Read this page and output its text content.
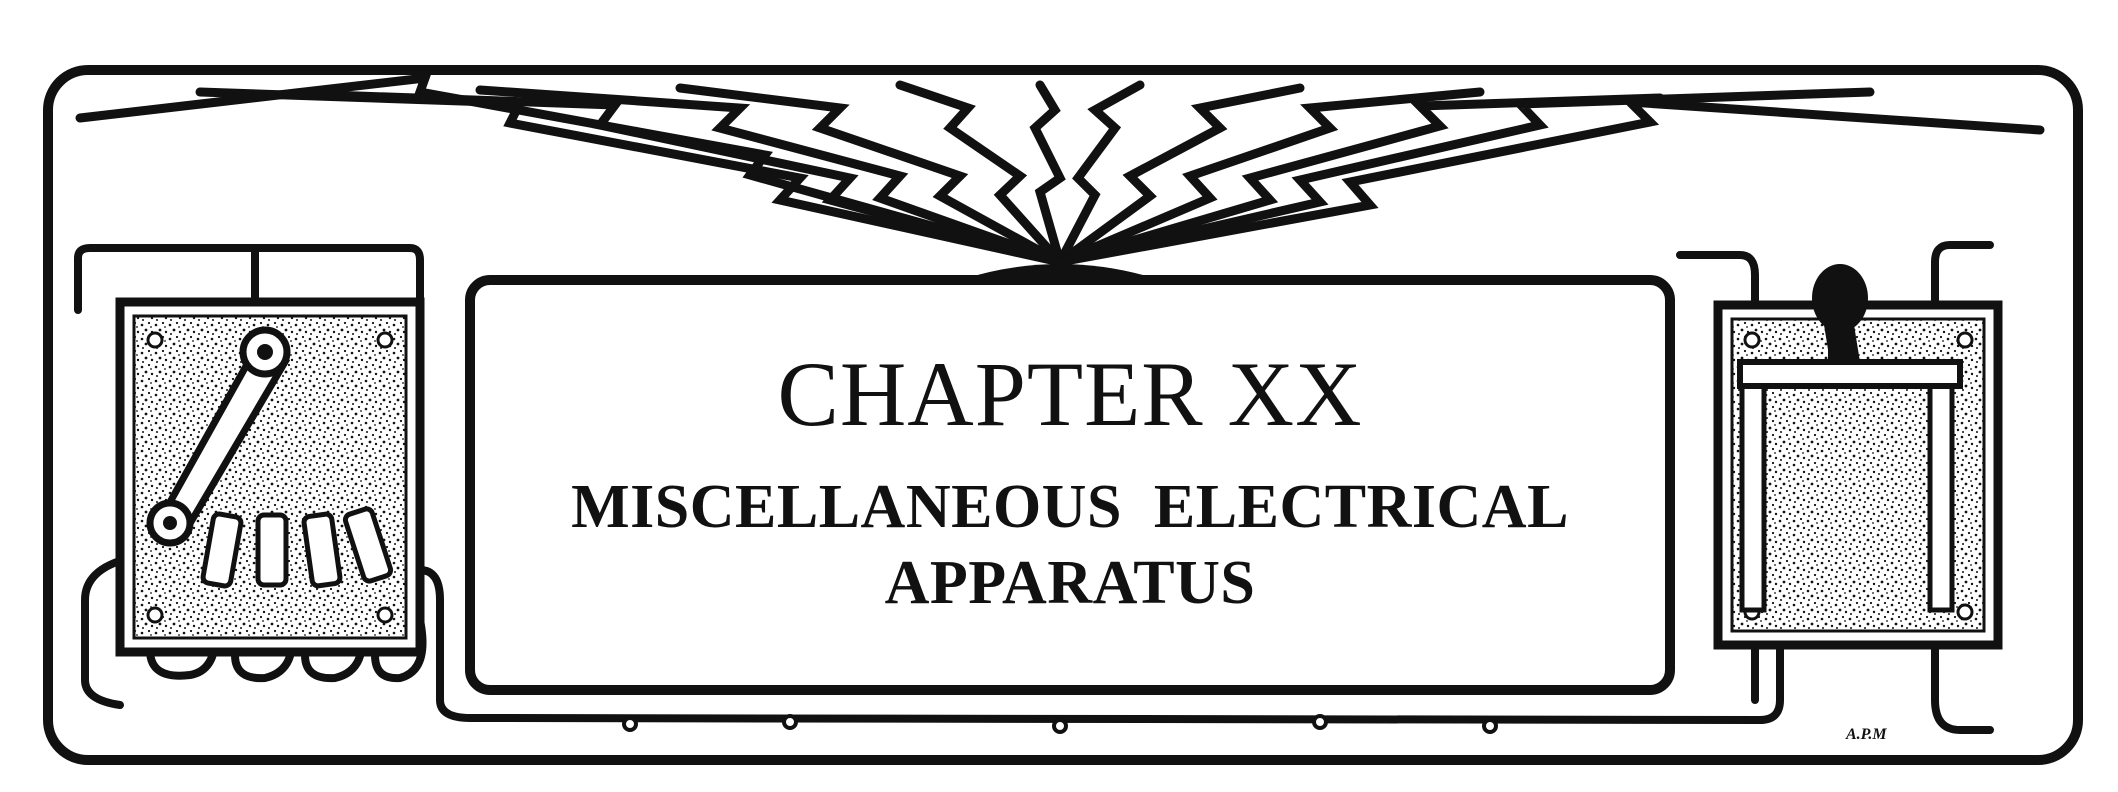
CHAPTER XX

MISCELLANEOUS  ELECTRICAL

APPARATUS

A.P.M
